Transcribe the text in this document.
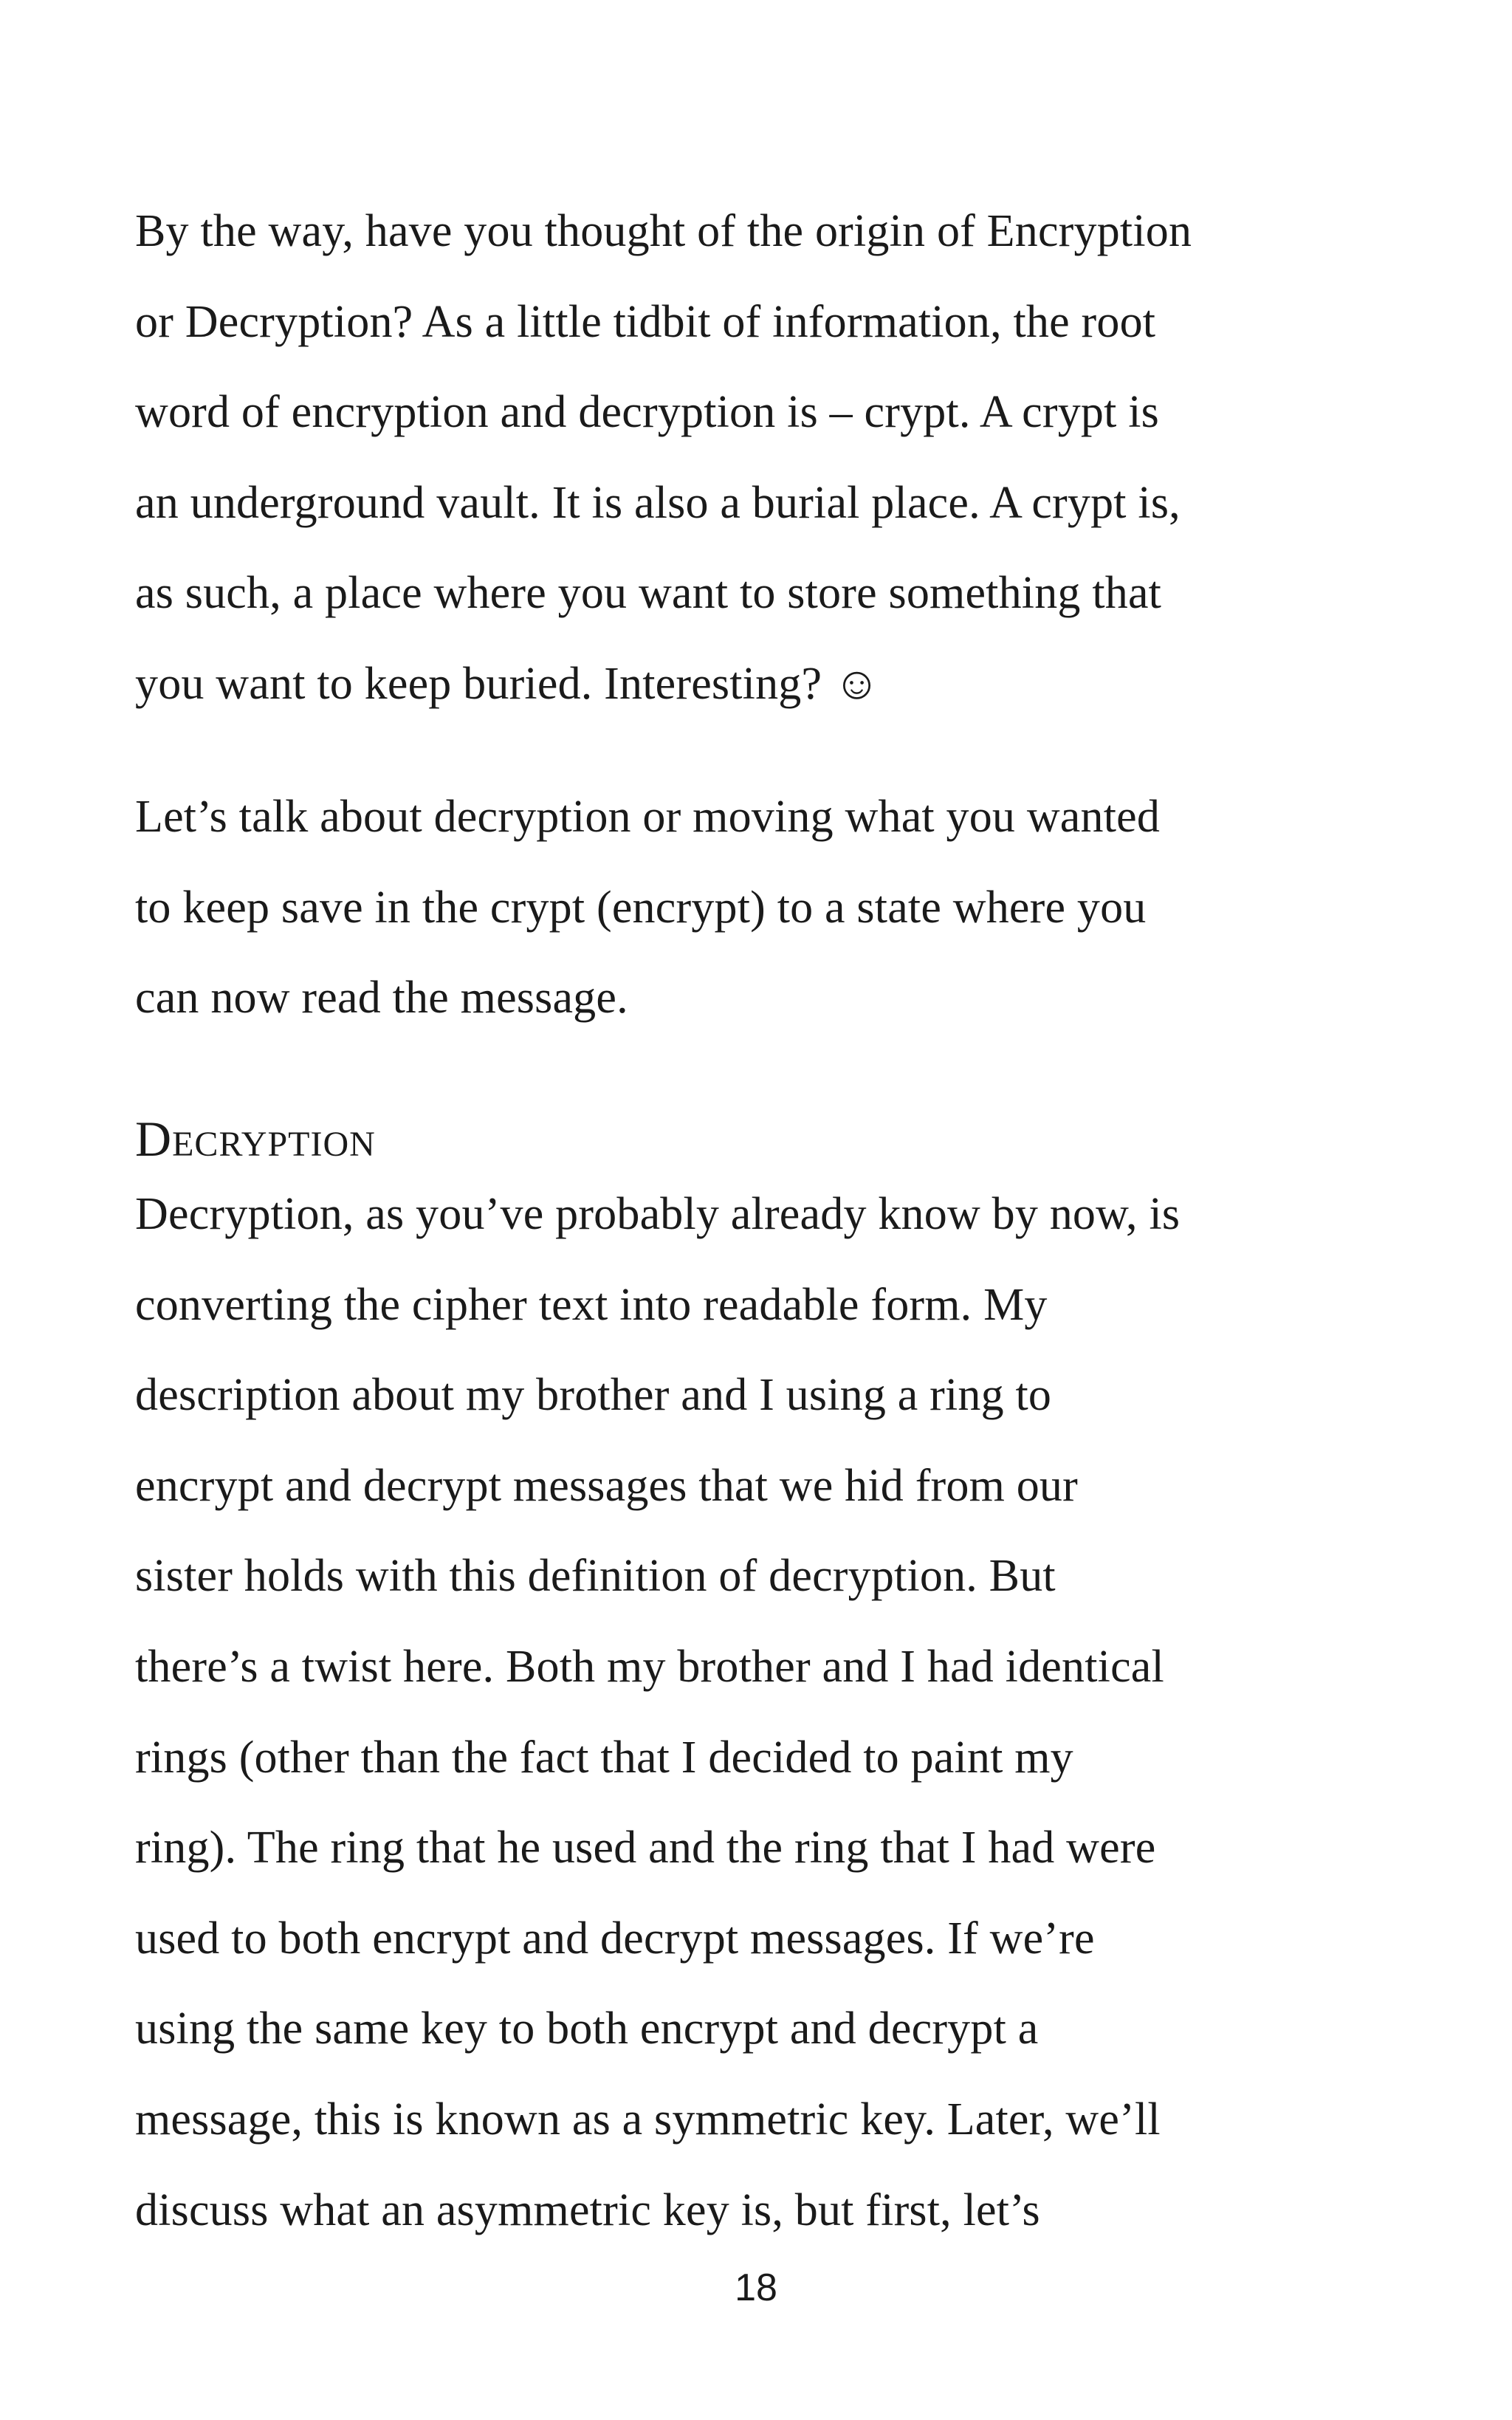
By the way, have you thought of the origin of Encryption
or Decryption? As a little tidbit of information, the root
word of encryption and decryption is – crypt. A crypt is
an underground vault. It is also a burial place. A crypt is,
as such, a place where you want to store something that
you want to keep buried. Interesting? ☺

Let’s talk about decryption or moving what you wanted
to keep save in the crypt (encrypt) to a state where you
can now read the message.

Decryption

Decryption, as you’ve probably already know by now, is
converting the cipher text into readable form. My
description about my brother and I using a ring to
encrypt and decrypt messages that we hid from our
sister holds with this definition of decryption. But
there’s a twist here. Both my brother and I had identical
rings (other than the fact that I decided to paint my
ring). The ring that he used and the ring that I had were
used to both encrypt and decrypt messages. If we’re
using the same key to both encrypt and decrypt a
message, this is known as a symmetric key. Later, we’ll
discuss what an asymmetric key is, but first, let’s

18
